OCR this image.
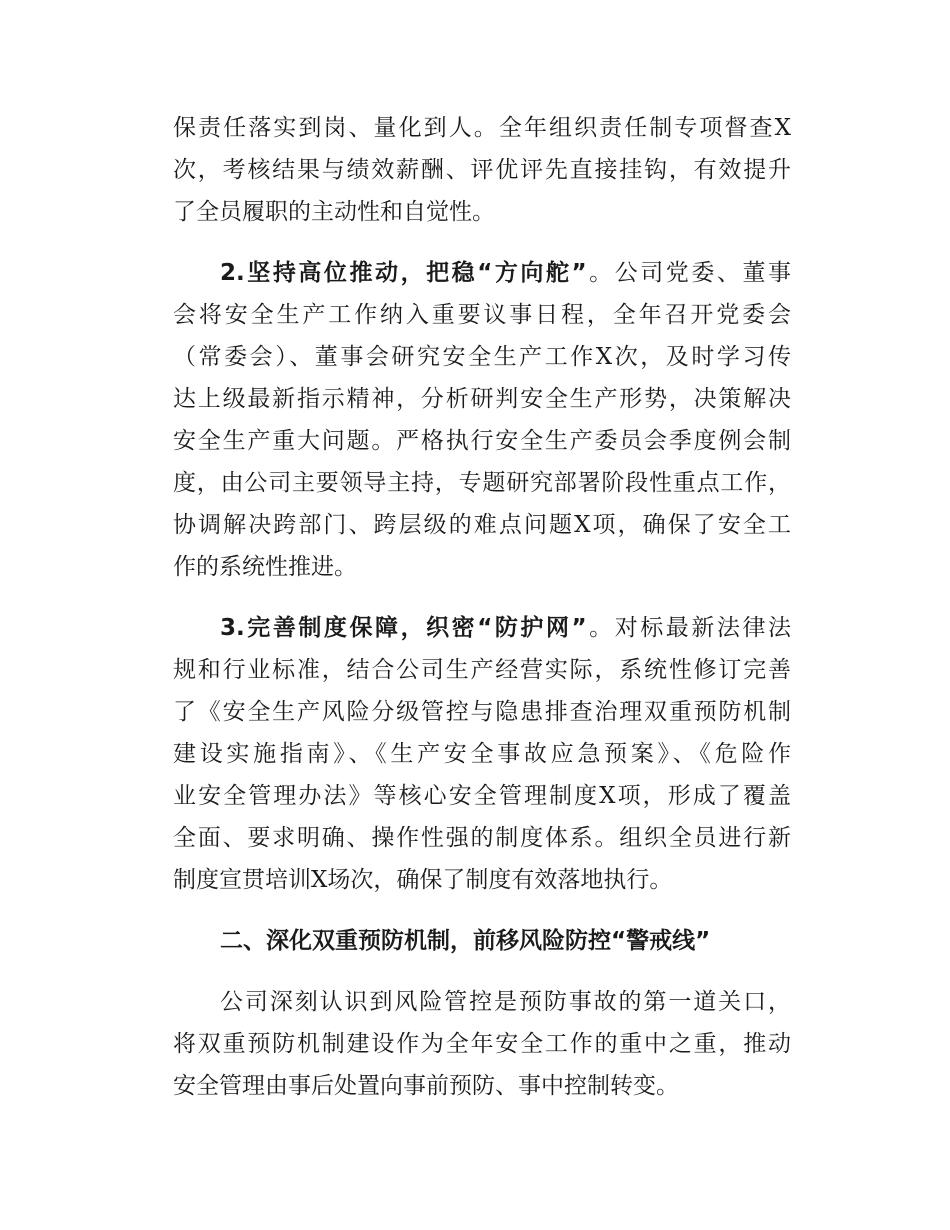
保责任落实到岗、量化到人。全年组织责任制专项督查X
次，考核结果与绩效薪酬、评优评先直接挂钩，有效提升
了全员履职的主动性和自觉性。
2.坚持高位推动，把稳“方向舵”。公司党委、董事
会将安全生产工作纳入重要议事日程，全年召开党委会
（常委会）、董事会研究安全生产工作X次，及时学习传
达上级最新指示精神，分析研判安全生产形势，决策解决
安全生产重大问题。严格执行安全生产委员会季度例会制
度，由公司主要领导主持，专题研究部署阶段性重点工作，
协调解决跨部门、跨层级的难点问题X项，确保了安全工
作的系统性推进。
3.完善制度保障，织密“防护网”。对标最新法律法
规和行业标准，结合公司生产经营实际，系统性修订完善
了《安全生产风险分级管控与隐患排查治理双重预防机制
建设实施指南》、《生产安全事故应急预案》、《危险作
业安全管理办法》等核心安全管理制度X项，形成了覆盖
全面、要求明确、操作性强的制度体系。组织全员进行新
制度宣贯培训X场次，确保了制度有效落地执行。
二、深化双重预防机制，前移风险防控“警戒线”
公司深刻认识到风险管控是预防事故的第一道关口，
将双重预防机制建设作为全年安全工作的重中之重，推动
安全管理由事后处置向事前预防、事中控制转变。
